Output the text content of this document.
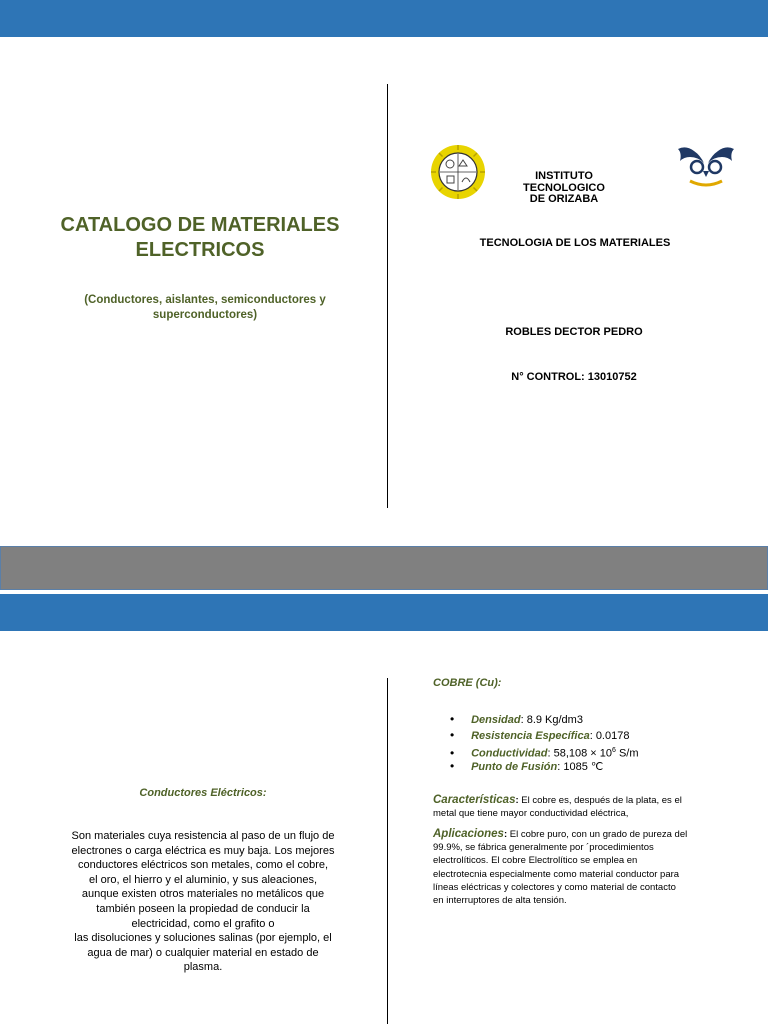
CATALOGO DE MATERIALES
ELECTRICOS
(Conductores, aislantes, semiconductores y
superconductores)
INSTITUTO TECNOLOGICO
DE ORIZABA
TECNOLOGIA DE LOS MATERIALES
ROBLES DECTOR PEDRO
N° CONTROL: 13010752
Conductores Eléctricos:
Son materiales cuya resistencia al paso de un flujo de
electrones o carga eléctrica es muy baja. Los mejores
conductores eléctricos son metales, como el cobre,
el oro, el hierro y el aluminio, y sus aleaciones,
aunque existen otros materiales no metálicos que
también poseen la propiedad de conducir la
electricidad, como el grafito o
las disoluciones y soluciones salinas (por ejemplo, el
agua de mar) o cualquier material en estado de
plasma.
COBRE (Cu):
• Densidad: 8.9 Kg/dm3
• Resistencia Específica: 0.0178
• Conductividad: $58,108 \times 10^6$ S/m
• Punto de Fusión: 1085 ℃
Características: El cobre es, después de la plata, es el
metal que tiene mayor conductividad eléctrica,
Aplicaciones: El cobre puro, con un grado de pureza del
99.9%, se fábrica generalmente por ´procedimientos
electrolíticos. El cobre Electrolítico se emplea en
electrotecnia especialmente como material conductor para
líneas eléctricas y colectores y como material de contacto
en interruptores de alta tensión.
